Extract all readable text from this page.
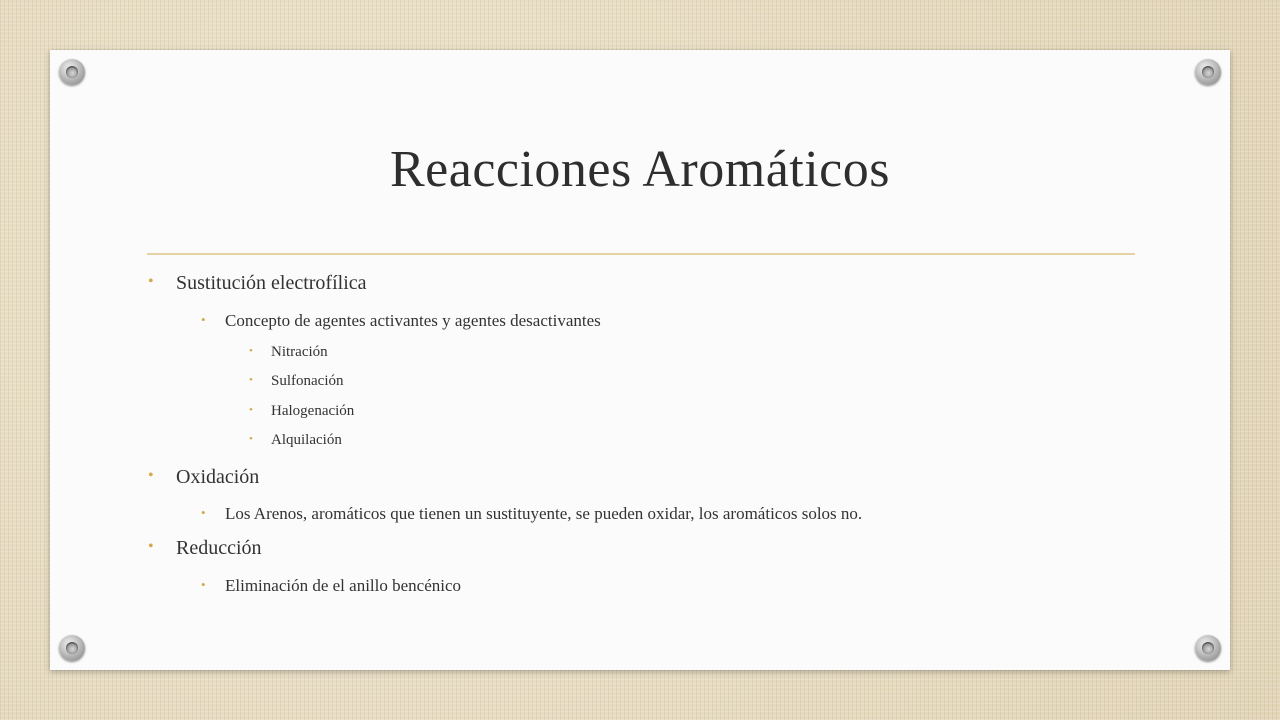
Reacciones Aromáticos
• Sustitución electrofílica
• Concepto de agentes activantes y agentes desactivantes
• Nitración
• Sulfonación
• Halogenación
• Alquilación
• Oxidación
• Los Arenos, aromáticos que tienen un sustituyente, se pueden oxidar, los aromáticos solos no.
• Reducción
• Eliminación de el anillo bencénico
